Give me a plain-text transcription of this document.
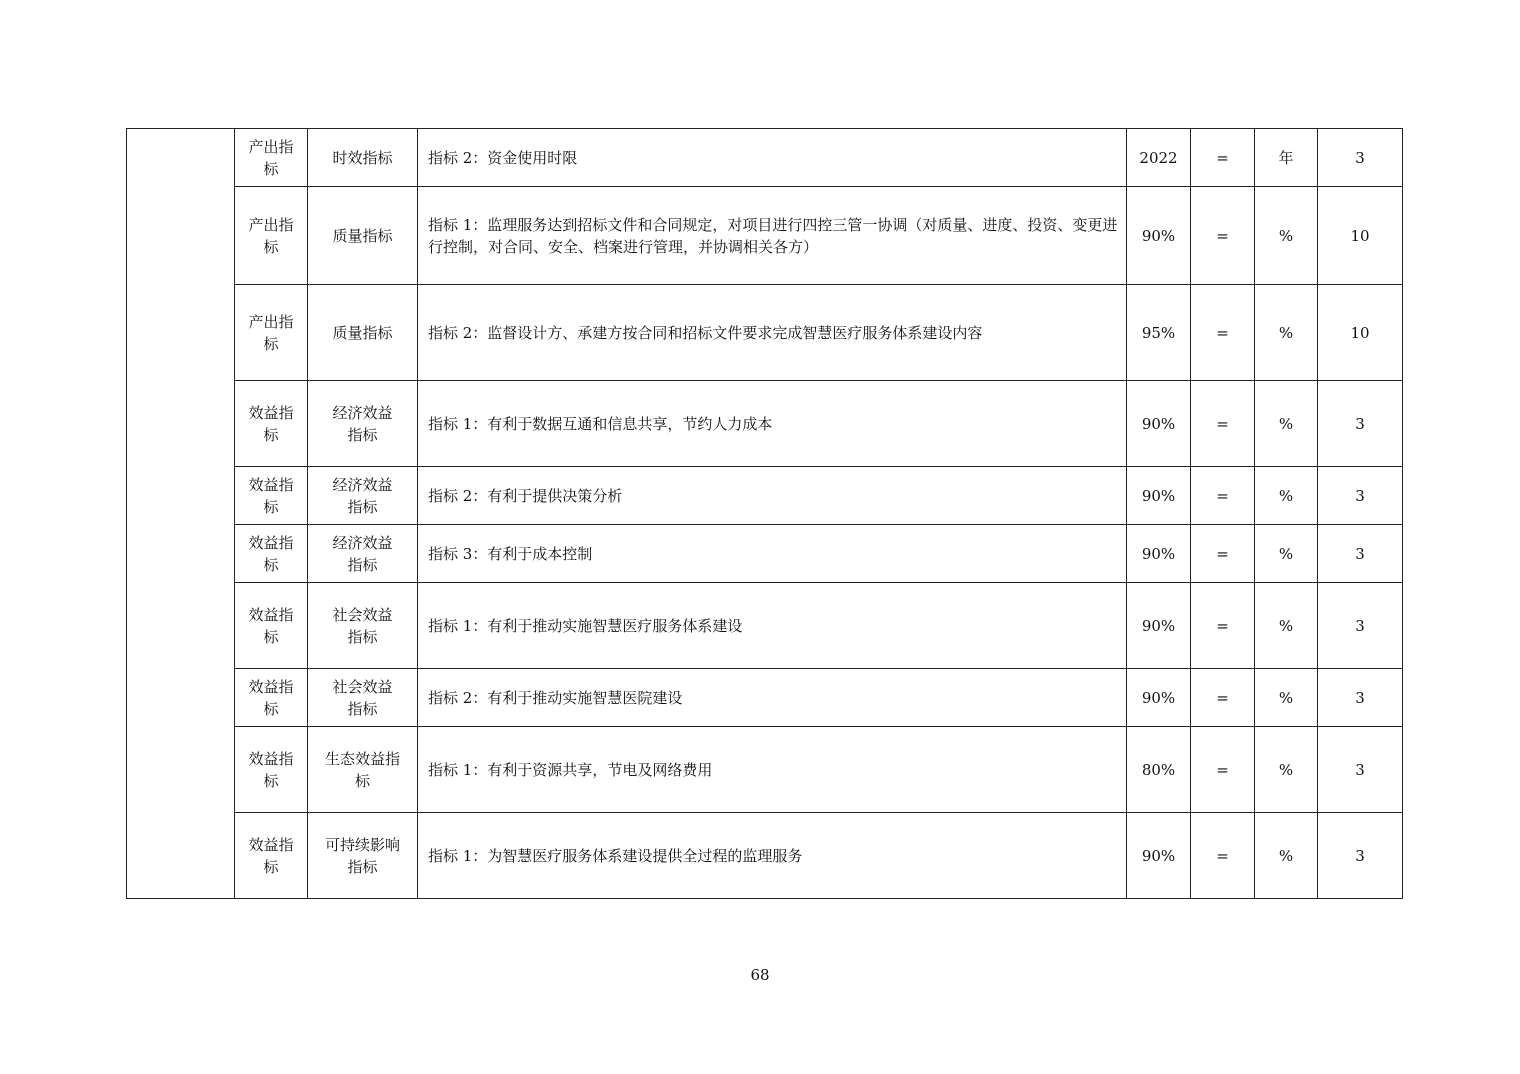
	产出指标	时效指标	指标 2：资金使用时限	2022	=	年	3
	产出指标	质量指标	指标 1：监理服务达到招标文件和合同规定，对项目进行四控三管一协调（对质量、进度、投资、变更进行控制，对合同、安全、档案进行管理，并协调相关各方）	90%	=	%	10
	产出指标	质量指标	指标 2：监督设计方、承建方按合同和招标文件要求完成智慧医疗服务体系建设内容	95%	=	%	10
	效益指标	经济效益指标	指标 1：有利于数据互通和信息共享，节约人力成本	90%	=	%	3
	效益指标	经济效益指标	指标 2：有利于提供决策分析	90%	=	%	3
	效益指标	经济效益指标	指标 3：有利于成本控制	90%	=	%	3
	效益指标	社会效益指标	指标 1：有利于推动实施智慧医疗服务体系建设	90%	=	%	3
	效益指标	社会效益指标	指标 2：有利于推动实施智慧医院建设	90%	=	%	3
	效益指标	生态效益指标	指标 1：有利于资源共享，节电及网络费用	80%	=	%	3
	效益指标	可持续影响指标	指标 1：为智慧医疗服务体系建设提供全过程的监理服务	90%	=	%	3
68
